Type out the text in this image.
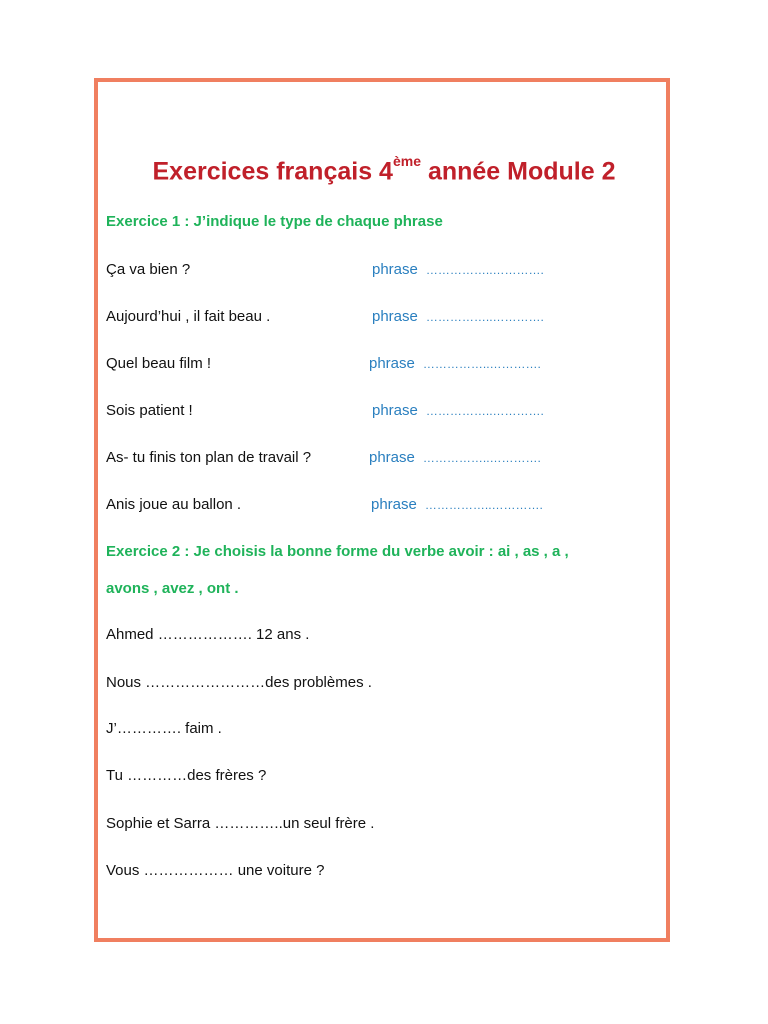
Exercices français 4ème année Module 2
Exercice 1 : J’indique le type de chaque phrase
Ça va bien ?	phrase ……………..………….
Aujourd’hui , il fait beau .	phrase ……………..………….
Quel beau film !	phrase ……………..………….
Sois patient !	phrase ……………..………….
As- tu finis ton plan de travail ?	phrase ……………..………….
Anis joue au ballon .	phrase ……………..………….
Exercice 2 : Je choisis la bonne forme du verbe avoir : ai , as , a ,
avons , avez , ont .
Ahmed ………………. 12 ans .
Nous ……………………des problèmes .
J’…………. faim .
Tu …………des frères ?
Sophie et Sarra …………..un seul frère .
Vous ……………… une voiture ?
